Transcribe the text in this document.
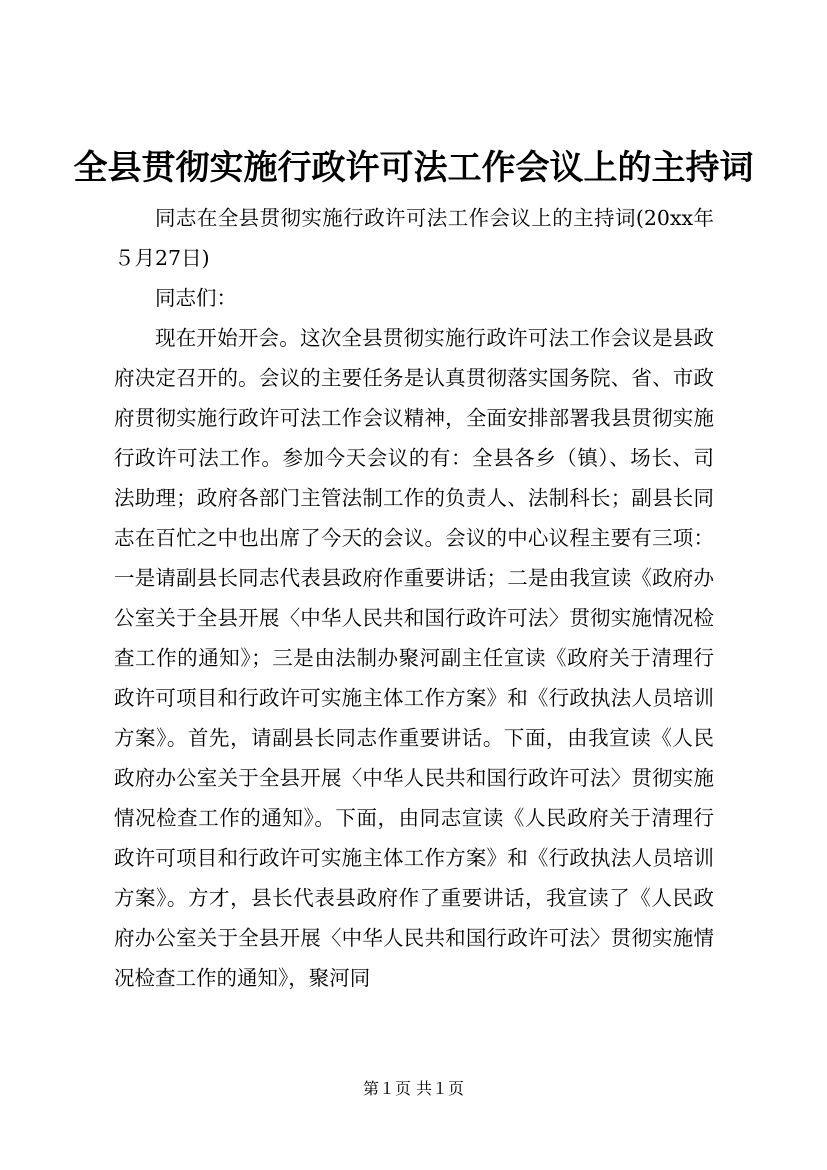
全县贯彻实施行政许可法工作会议上的主持词

同志在全县贯彻实施行政许可法工作会议上的主持词(20xx年５月27日)

同志们：

现在开始开会。这次全县贯彻实施行政许可法工作会议是县政府决定召开的。会议的主要任务是认真贯彻落实国务院、省、市政府贯彻实施行政许可法工作会议精神，全面安排部署我县贯彻实施行政许可法工作。参加今天会议的有：全县各乡（镇）、场长、司法助理；政府各部门主管法制工作的负责人、法制科长；副县长同志在百忙之中也出席了今天的会议。会议的中心议程主要有三项：一是请副县长同志代表县政府作重要讲话；二是由我宣读《政府办公室关于全县开展〈中华人民共和国行政许可法〉贯彻实施情况检查工作的通知》；三是由法制办聚河副主任宣读《政府关于清理行政许可项目和行政许可实施主体工作方案》和《行政执法人员培训方案》。首先，请副县长同志作重要讲话。下面，由我宣读《人民政府办公室关于全县开展〈中华人民共和国行政许可法〉贯彻实施情况检查工作的通知》。下面，由同志宣读《人民政府关于清理行政许可项目和行政许可实施主体工作方案》和《行政执法人员培训方案》。方才，县长代表县政府作了重要讲话，我宣读了《人民政府办公室关于全县开展〈中华人民共和国行政许可法〉贯彻实施情况检查工作的通知》，聚河同

第１页 共１页
